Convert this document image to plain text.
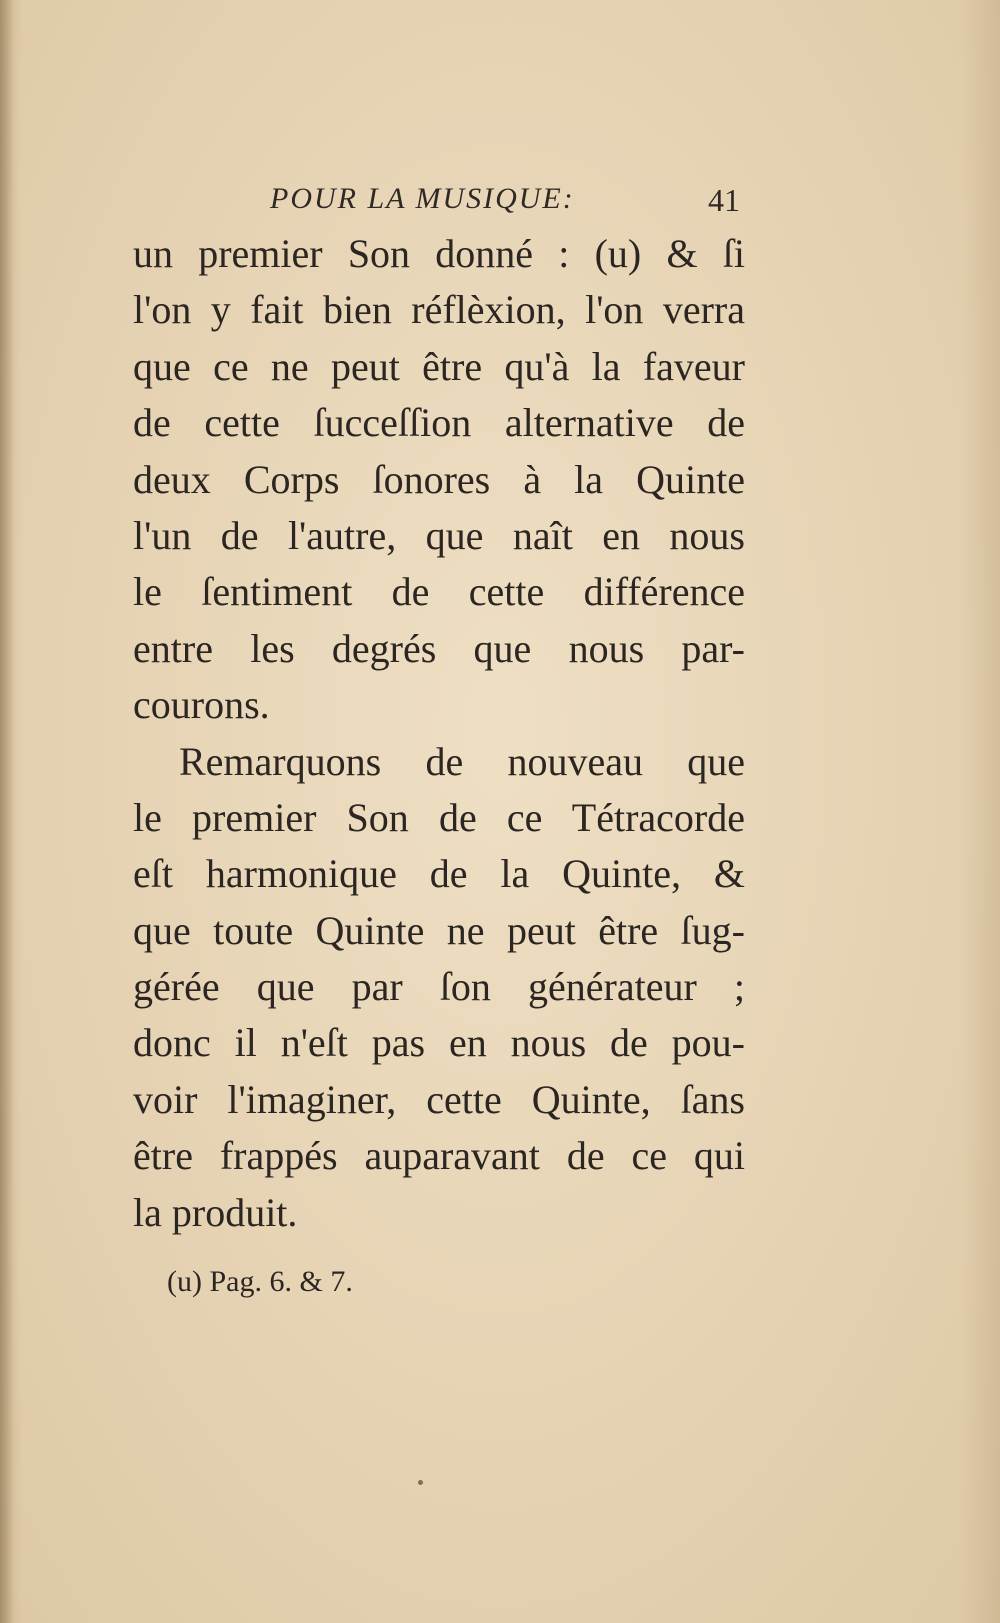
POUR LA MUSIQUE:	41
un premier Son donné : (u) & ſi
l'on y fait bien réflèxion, l'on verra
que ce ne peut être qu'à la faveur
de cette ſucceſſion alternative de
deux Corps ſonores à la Quinte
l'un de l'autre, que naît en nous
le ſentiment de cette différence
entre les degrés que nous par-
courons.
Remarquons de nouveau que
le premier Son de ce Tétracorde
eſt harmonique de la Quinte, &
que toute Quinte ne peut être ſug-
gérée que par ſon générateur ;
donc il n'eſt pas en nous de pou-
voir l'imaginer, cette Quinte, ſans
être frappés auparavant de ce qui
la produit.
(u) Pag. 6. & 7.
